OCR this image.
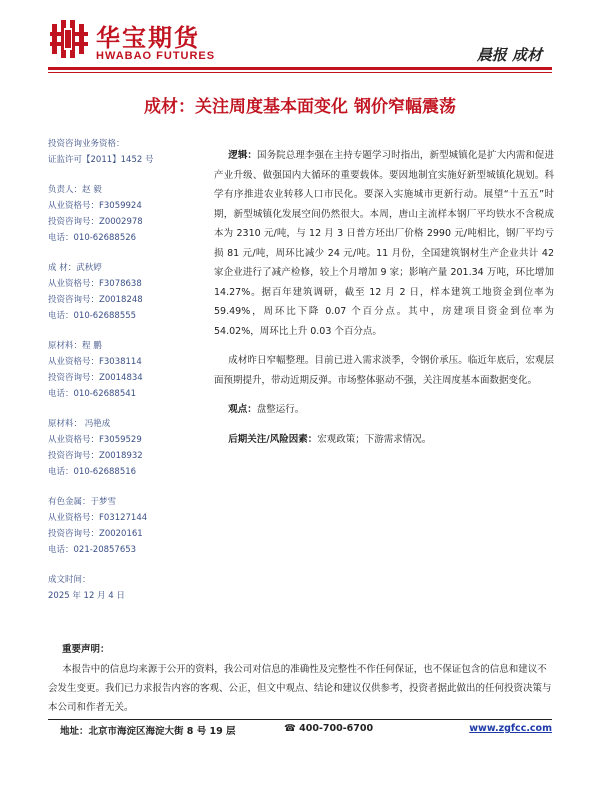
华宝期货
HWABAO FUTURES	晨报 成材
成材：关注周度基本面变化 钢价窄幅震荡
投资咨询业务资格：
证监许可【2011】1452 号
负责人：赵 毅
从业资格号：F3059924
投资咨询号：Z0002978
电话：010-62688526
成 材：武秋婷
从业资格号：F3078638
投资咨询号：Z0018248
电话：010-62688555
原材料：程 鹏
从业资格号：F3038114
投资咨询号：Z0014834
电话：010-62688541
原材料： 冯艳成
从业资格号：F3059529
投资咨询号：Z0018932
电话：010-62688516
有色金属：于梦雪
从业资格号：F03127144
投资咨询号：Z0020161
电话：021-20857653
成文时间：
2025 年 12 月 4 日

逻辑：国务院总理李强在主持专题学习时指出，新型城镇化是扩大内需和促进产业升级、做强国内大循环的重要载体。要因地制宜实施好新型城镇化规划。科学有序推进农业转移人口市民化。要深入实施城市更新行动。展望“十五五”时期，新型城镇化发展空间仍然很大。本周，唐山主流样本钢厂平均铁水不含税成本为 2310 元/吨，与 12 月 3 日普方坯出厂价格 2990 元/吨相比，钢厂平均亏损 81 元/吨，周环比减少 24 元/吨。11 月份，全国建筑钢材生产企业共计 42 家企业进行了减产检修，较上个月增加 9 家；影响产量 201.34 万吨，环比增加 14.27%。据百年建筑调研，截至 12 月 2 日，样本建筑工地资金到位率为 59.49%，周环比下降 0.07 个百分点。其中，房建项目资金到位率为 54.02%，周环比上升 0.03 个百分点。

成材昨日窄幅整理。目前已进入需求淡季，令钢价承压。临近年底后，宏观层面预期提升，带动近期反弹。市场整体驱动不强，关注周度基本面数据变化。

观点：盘整运行。

后期关注/风险因素：宏观政策；下游需求情况。

重要声明：
本报告中的信息均来源于公开的资料，我公司对信息的准确性及完整性不作任何保证，也不保证包含的信息和建议不会发生变更。我们已力求报告内容的客观、公正，但文中观点、结论和建议仅供参考，投资者据此做出的任何投资决策与本公司和作者无关。
地址：北京市海淀区海淀大街 8 号 19 层	☎ 400-700-6700	www.zgfcc.com
